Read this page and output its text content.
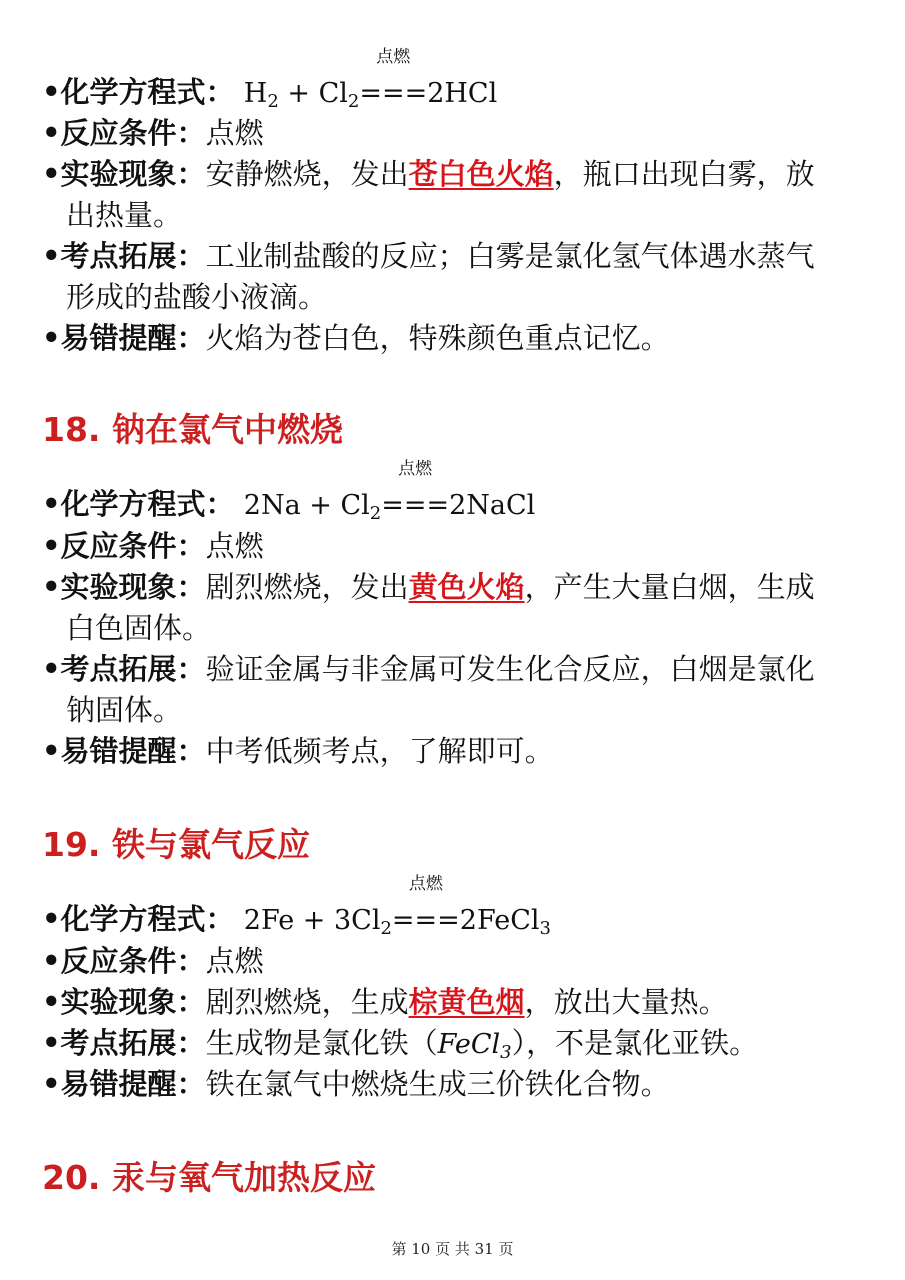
•化学方程式： $H_2 + Cl_2$
点燃
===2HCl
•反应条件：点燃
•实验现象：安静燃烧，发出苍白色火焰，瓶口出现白雾，放
出热量。
•考点拓展：工业制盐酸的反应；白雾是氯化氢气体遇水蒸气
形成的盐酸小液滴。
•易错提醒：火焰为苍白色，特殊颜色重点记忆。
18. 钠在氯气中燃烧
•化学方程式： $2Na + Cl_2$
点燃
===2NaCl
•反应条件：点燃
•实验现象：剧烈燃烧，发出黄色火焰，产生大量白烟，生成
白色固体。
•考点拓展：验证金属与非金属可发生化合反应，白烟是氯化
钠固体。
•易错提醒：中考低频考点，了解即可。
19. 铁与氯气反应
•化学方程式： $2Fe + 3Cl_2$
点燃
===2FeCl$_3$
•反应条件：点燃
•实验现象：剧烈燃烧，生成棕黄色烟，放出大量热。
•考点拓展：生成物是氯化铁（FeCl$_3$），不是氯化亚铁。
•易错提醒：铁在氯气中燃烧生成三价铁化合物。
20. 汞与氧气加热反应
第 10 页 共 31 页
